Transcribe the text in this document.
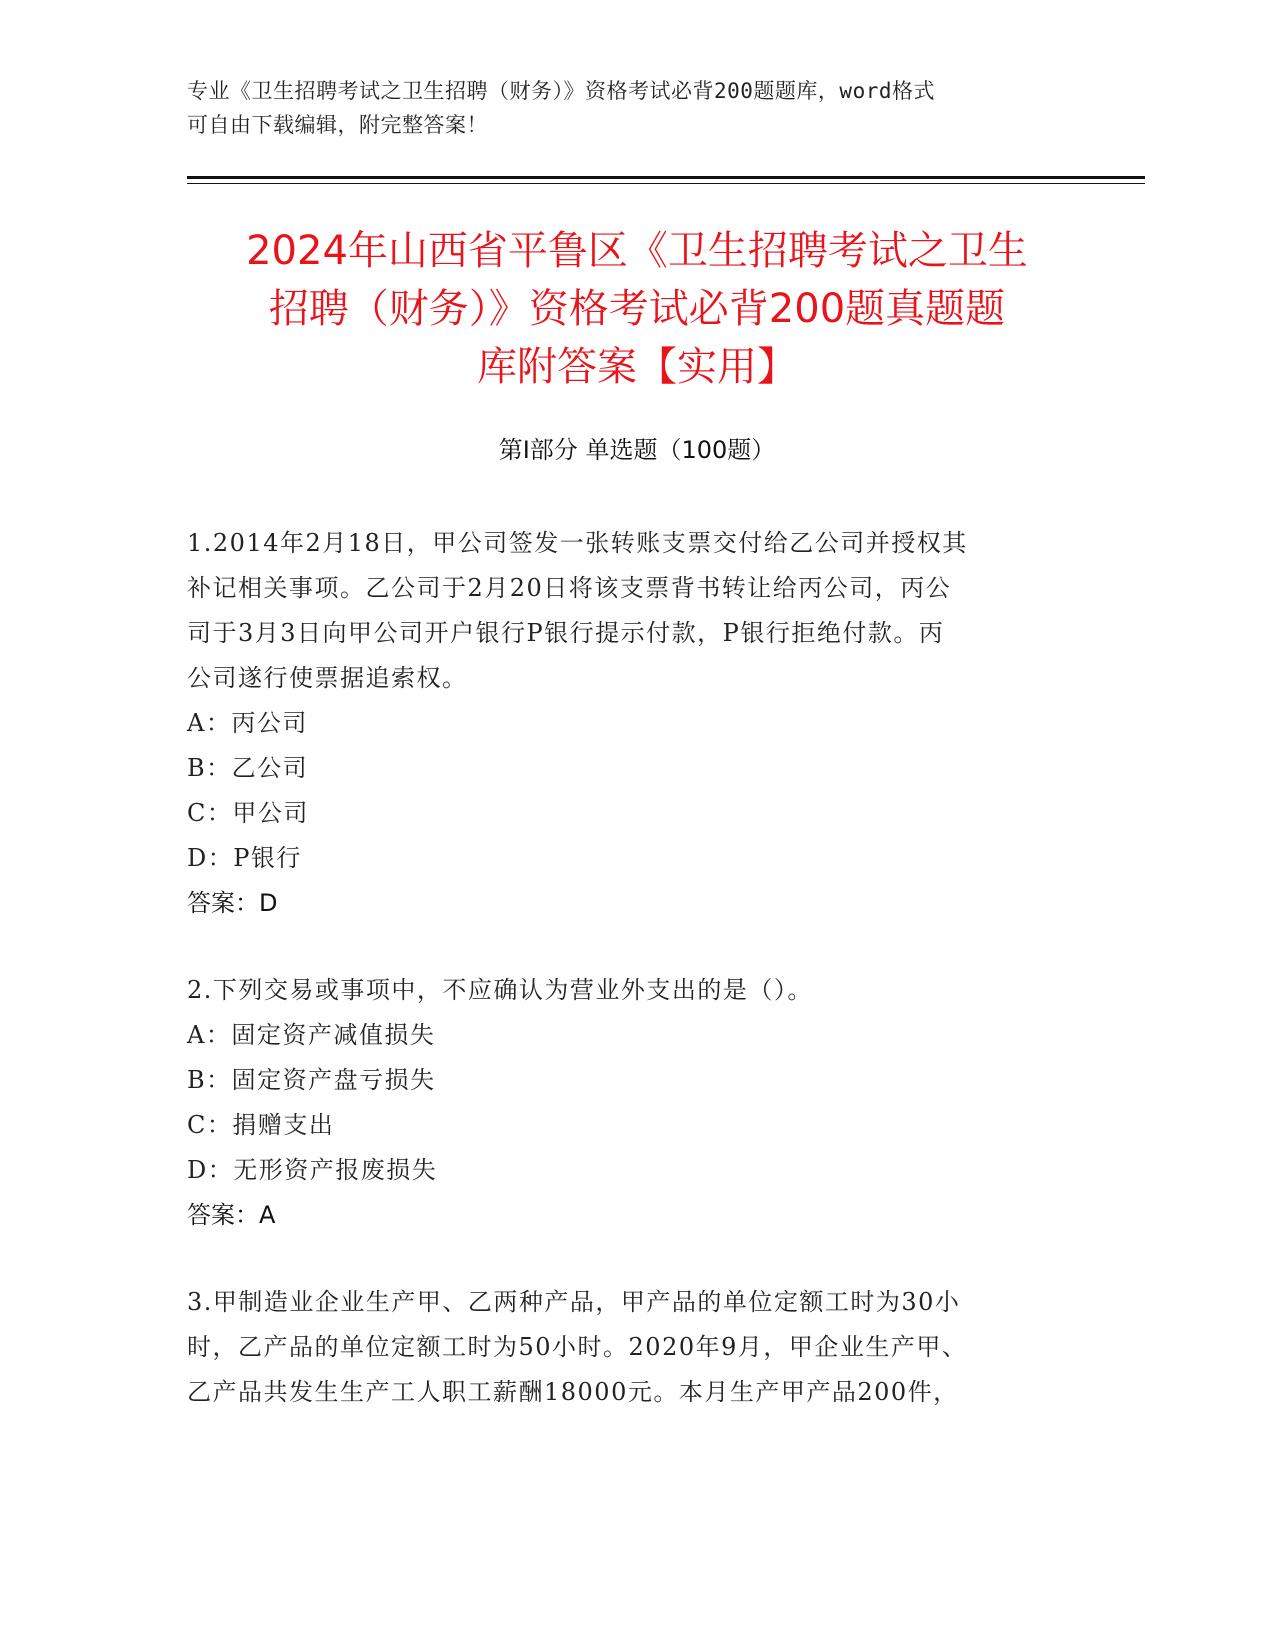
专业《卫生招聘考试之卫生招聘（财务）》资格考试必背200题题库，word格式
可自由下载编辑，附完整答案！
2024年山西省平鲁区《卫生招聘考试之卫生
招聘（财务）》资格考试必背200题真题题
库附答案【实用】
第Ⅰ部分 单选题（100题）

1.2014年2月18日，甲公司签发一张转账支票交付给乙公司并授权其

补记相关事项。乙公司于2月20日将该支票背书转让给丙公司，丙公

司于3月3日向甲公司开户银行P银行提示付款，P银行拒绝付款。丙

公司遂行使票据追索权。

A：丙公司

B：乙公司

C：甲公司

D：P银行

答案：D

2.下列交易或事项中，不应确认为营业外支出的是（）。

A：固定资产减值损失

B：固定资产盘亏损失

C：捐赠支出

D：无形资产报废损失

答案：A

3.甲制造业企业生产甲、乙两种产品，甲产品的单位定额工时为30小

时，乙产品的单位定额工时为50小时。2020年9月，甲企业生产甲、

乙产品共发生生产工人职工薪酬18000元。本月生产甲产品200件，
